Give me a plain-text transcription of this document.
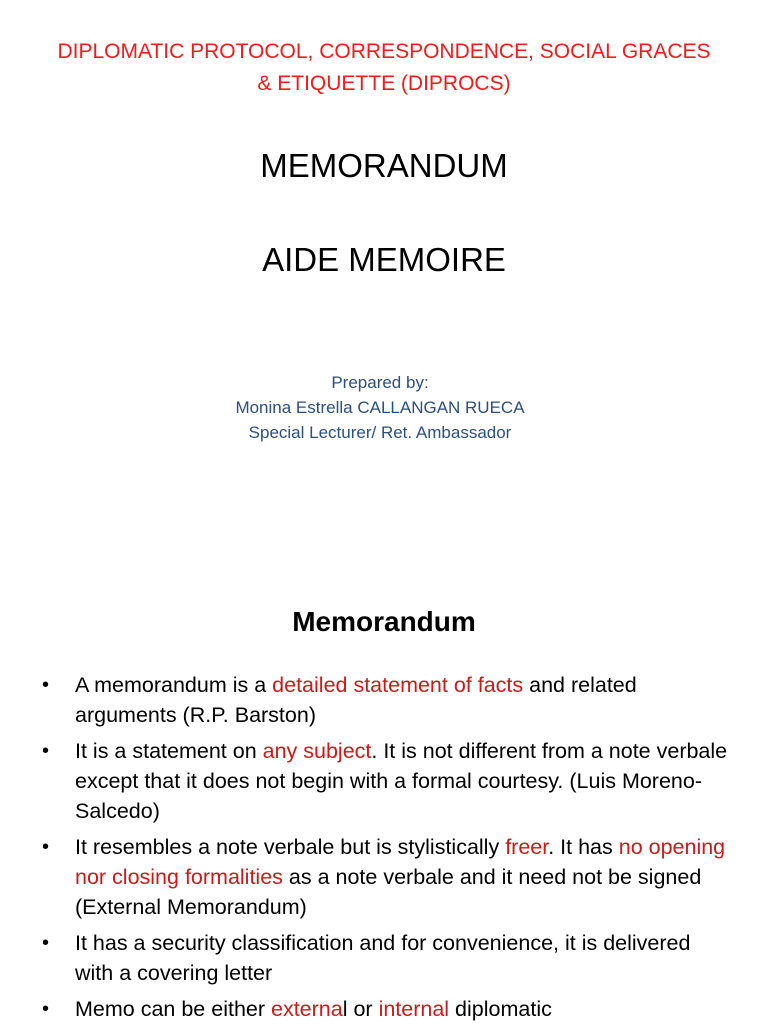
DIPLOMATIC PROTOCOL, CORRESPONDENCE, SOCIAL GRACES
& ETIQUETTE (DIPROCS)
MEMORANDUM
AIDE MEMOIRE
Prepared by:
Monina Estrella CALLANGAN RUECA
Special Lecturer/ Ret. Ambassador
Memorandum
• A memorandum is a detailed statement of facts and related arguments (R.P. Barston)
• It is a statement on any subject. It is not different from a note verbale except that it does not begin with a formal courtesy. (Luis Moreno-Salcedo)
• It resembles a note verbale but is stylistically freer. It has no opening nor closing formalities as a note verbale and it need not be signed (External Memorandum)
• It has a security classification and for convenience, it is delivered with a covering letter
• Memo can be either external or internal diplomatic
